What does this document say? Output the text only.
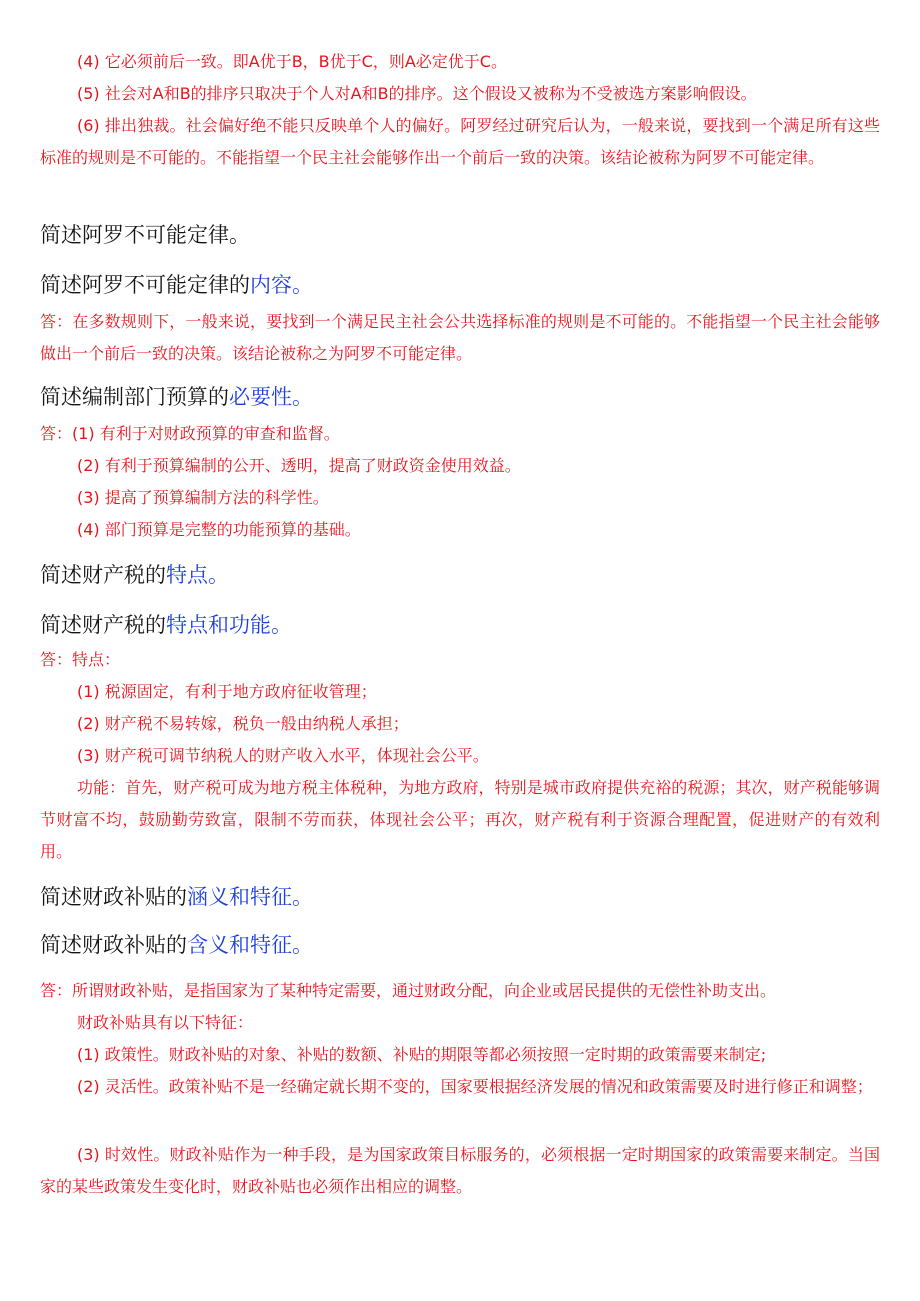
(4) 它必须前后一致。即A优于B，B优于C，则A必定优于C。

(5) 社会对A和B的排序只取决于个人对A和B的排序。这个假设又被称为不受被选方案影响假设。

(6) 排出独裁。社会偏好绝不能只反映单个人的偏好。阿罗经过研究后认为，一般来说，要找到一个满足所有这些标准的规则是不可能的。不能指望一个民主社会能够作出一个前后一致的决策。该结论被称为阿罗不可能定律。

简述阿罗不可能定律。

简述阿罗不可能定律的内容。

答：在多数规则下，一般来说，要找到一个满足民主社会公共选择标准的规则是不可能的。不能指望一个民主社会能够做出一个前后一致的决策。该结论被称之为阿罗不可能定律。

简述编制部门预算的必要性。

答：(1) 有利于对财政预算的审查和监督。

(2) 有利于预算编制的公开、透明，提高了财政资金使用效益。

(3) 提高了预算编制方法的科学性。

(4) 部门预算是完整的功能预算的基础。

简述财产税的特点。

简述财产税的特点和功能。

答：特点：

(1) 税源固定，有利于地方政府征收管理；

(2) 财产税不易转嫁，税负一般由纳税人承担；

(3) 财产税可调节纳税人的财产收入水平，体现社会公平。

功能：首先，财产税可成为地方税主体税种，为地方政府，特别是城市政府提供充裕的税源；其次，财产税能够调节财富不均，鼓励勤劳致富，限制不劳而获，体现社会公平；再次，财产税有利于资源合理配置，促进财产的有效利用。

简述财政补贴的涵义和特征。

简述财政补贴的含义和特征。

答：所谓财政补贴，是指国家为了某种特定需要，通过财政分配，向企业或居民提供的无偿性补助支出。

财政补贴具有以下特征：

(1) 政策性。财政补贴的对象、补贴的数额、补贴的期限等都必须按照一定时期的政策需要来制定;

(2) 灵活性。政策补贴不是一经确定就长期不变的，国家要根据经济发展的情况和政策需要及时进行修正和调整；

(3) 时效性。财政补贴作为一种手段，是为国家政策目标服务的，必须根据一定时期国家的政策需要来制定。当国家的某些政策发生变化时，财政补贴也必须作出相应的调整。
